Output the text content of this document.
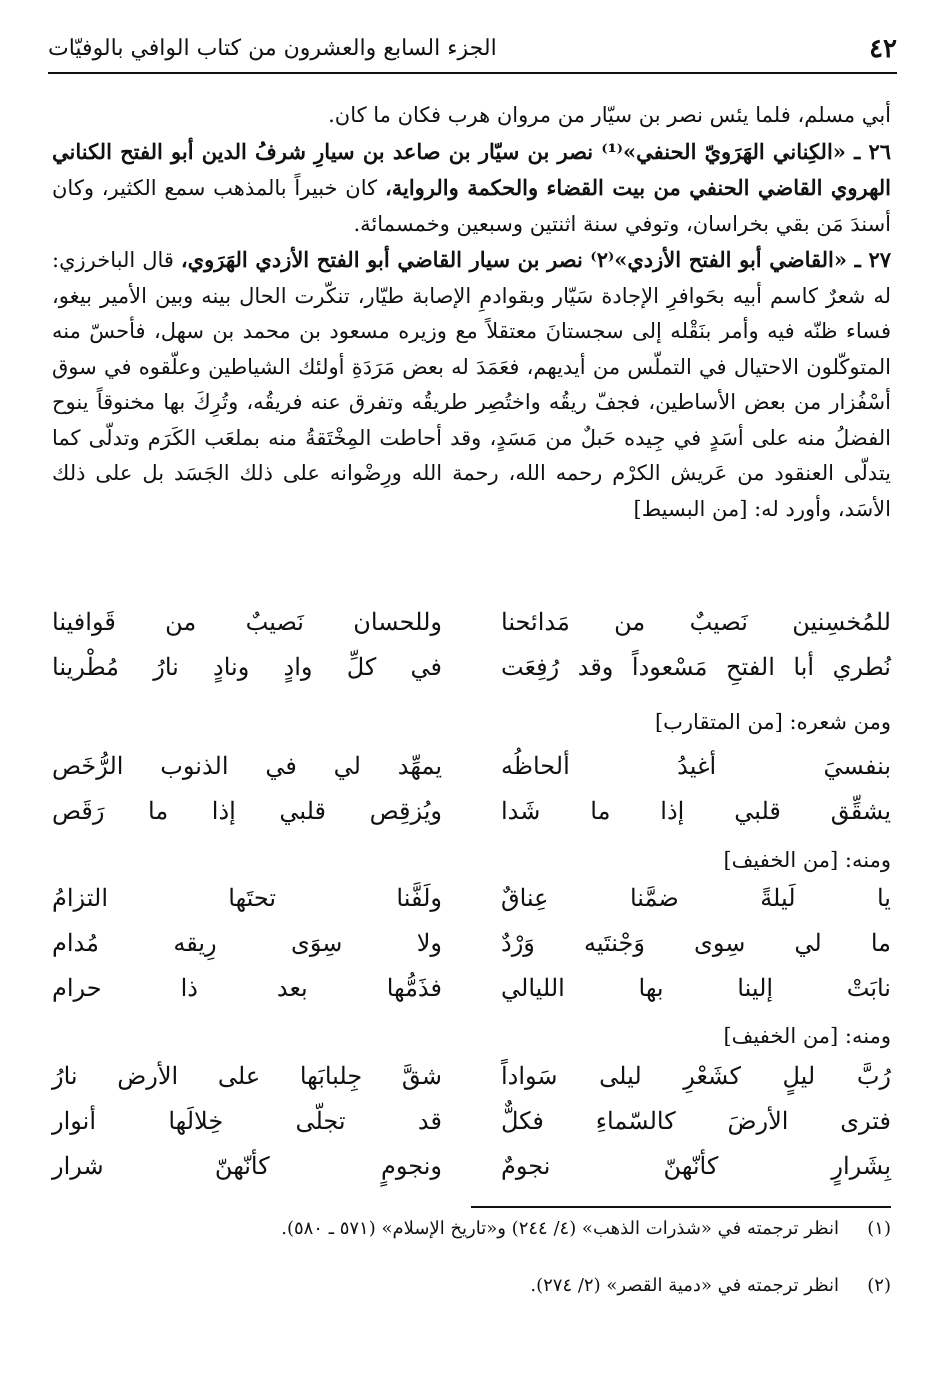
٤٢
الجزء السابع والعشرون من كتاب الوافي بالوفيّات

أبي مسلم، فلما يئس نصر بن سيّار من مروان هرب فكان ما كان.

٢٦ ـ «الكِناني الهَرَويّ الحنفي»⁽¹⁾ نصر بن سيّار بن صاعد بن سيارِ شرفُ الدين أبو الفتح الكناني الهروي القاضي الحنفي من بيت القضاء والحكمة والرواية، كان خبيراً بالمذهب سمع الكثير، وكان أسندَ مَن بقي بخراسان، وتوفي سنة اثنتين وسبعين وخمسمائة.

٢٧ ـ «القاضي أبو الفتح الأزدي»⁽٢⁾ نصر بن سيار القاضي أبو الفتح الأزدي الهَرَوي، قال الباخرزي: له شعرٌ كاسم أبيه بحَوافرِ الإجادة سَيّار وبقوادمِ الإصابة طيّار، تنكّرت الحال بينه وبين الأمير بيغو، فساء ظنّه فيه وأمر بنَقْله إلى سجستانَ معتقلاً مع وزيره مسعود بن محمد بن سهل، فأحسّ منه المتوكّلون الاحتيال في التملّس من أيديهم، فعَمَدَ له بعض مَرَدَةِ أولئك الشياطين وعلّقوه في سوق أسْفُزار من بعض الأساطين، فجفّ ريقُه واختُصِر طريقُه وتفرق عنه فريقُه، وتُرِكَ بها مخنوقاً ينوح الفضلُ منه على أسَدٍ في جِيده حَبلٌ من مَسَدٍ، وقد أحاطت المِخْتَقةُ منه بملعَب الكَرَم وتدلّى كما يتدلّى العنقود من عَريش الكرْم رحمه الله، رحمة الله ورِضْوانه على ذلك الجَسَد بل على ذلك الأسَد، وأورد له: [من البسيط]

للمُخسِنين نَصيبٌ من مَدائحنا
وللحسان نَصيبٌ من قَوافينا
نُطري أبا الفتحِ مَسْعوداً وقد رُفِعَت
في كلِّ وادٍ ونادٍ نارُ مُطْرينا
ومن شعره: [من المتقارب]
بنفسيَ أغيدُ ألحاظُه
يمهِّد لي في الذنوب الرُّخَص
يشقِّق قلبي إذا ما شَدا
ويُزقِص قلبي إذا ما رَقَص
ومنه: [من الخفيف]
يا لَيلةً ضمَّنا عِناقٌ
ولَفَّنا تحتَها التزامُ
ما لي سِوى وَجْنتَيه وَرْدٌ
ولا سِوَى رِيقه مُدام
نابَتْ إلينا بها الليالي
فذَمُّها بعد ذا حرام
ومنه: [من الخفيف]
رُبَّ ليلٍ كشَعْرِ ليلى سَواداً
شقَّ جِلبابَها على الأرض نارُ
فترى الأرضَ كالسّماءِ فكلٌّ
قد تجلّى خِلالَها أنوار
بِشَرارٍ كأنّهنّ نجومٌ
ونجومٍ كأنّهنّ شرار
(١)انظر ترجمته في «شذرات الذهب» (٤/ ٢٤٤) و«تاريخ الإسلام» (٥٧١ ـ ٥٨٠).
(٢)انظر ترجمته في «دمية القصر» (٢/ ٢٧٤).
